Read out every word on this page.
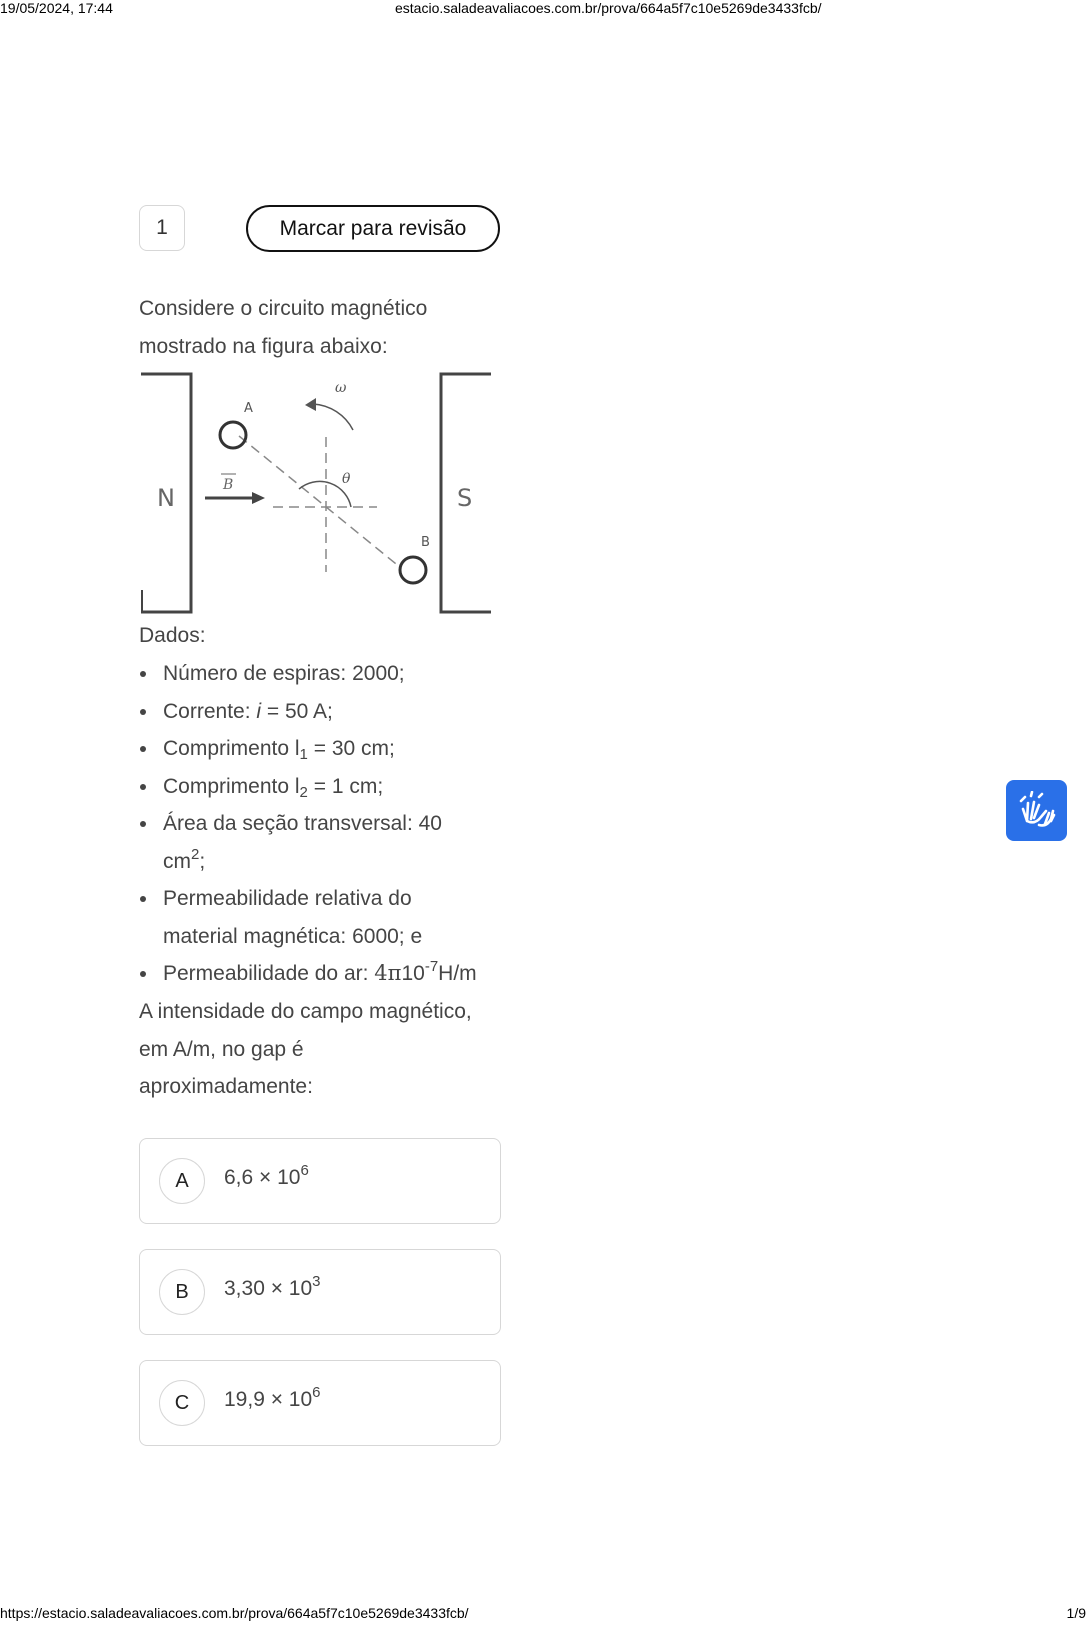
19/05/2024, 17:44	estacio.saladeavaliacoes.com.br/prova/664a5f7c10e5269de3433fcb/
1	Marcar para revisão

Considere o circuito magnético

mostrado na figura abaixo:

N	S
B	θ
ω
A
B
Dados:
Número de espiras: 2000;
Corrente: i = 50 A;
Comprimento $l_1 = 30$ cm;
Comprimento $l_2 = 1$ cm;
Área da seção transversal: 40
$cm^2$;
Permeabilidade relativa do
material magnética: 6000; e
Permeabilidade do ar: $4\pi 10^{-7}H/m$
A intensidade do campo magnético,
em A/m, no gap é
aproximadamente:
A	$6,6 \times 10^6$
B	$3,30 \times 10^3$
C	$19,9 \times 10^6$
https://estacio.saladeavaliacoes.com.br/prova/664a5f7c10e5269de3433fcb/	1/9
